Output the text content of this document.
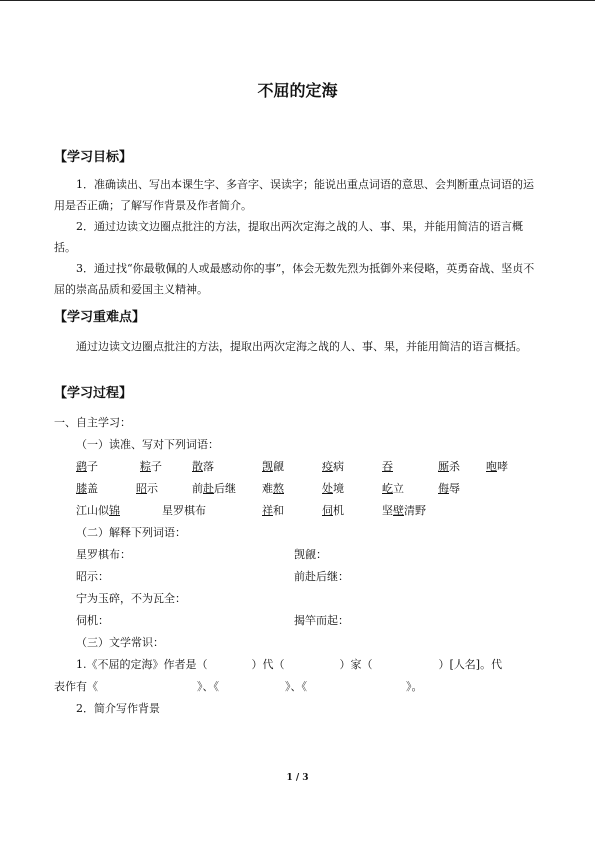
不屈的定海
【学习目标】

1．准确读出、写出本课生字、多音字、误读字；能说出重点词语的意思、会判断重点词语的运用是否正确；了解写作背景及作者简介。

2．通过边读文边圈点批注的方法，提取出两次定海之战的人、事、果，并能用简洁的语言概括。

3．通过找“你最敬佩的人或最感动你的事”，体会无数先烈为抵御外来侵略，英勇奋战、坚贞不屈的崇高品质和爱国主义精神。

【学习重难点】

通过边读文边圈点批注的方法，提取出两次定海之战的人、事、果，并能用简洁的语言概括。

【学习过程】
一、自主学习：
（一）读准、写对下列词语：
鹞子	粽子	散落	觊觎	疫病	吞	厮杀 咆哮
膝盖	昭示	前赴后继 难熬	处境	屹立	侮辱
江山似锦	星罗棋布	祥和	伺机	坚壁清野
（二）解释下列词语：
星罗棋布：	觊觎：
昭示：	前赴后继：
宁为玉碎，不为瓦全：
伺机：	揭竿而起：
（三）文学常识：
1.《不屈的定海》作者是（　　　　）代（　　　　　）家（　　　　　　）[人名]。代
表作有《　　　　　　　　　》、《　　　　　　》、《　　　　　　　　　》。
2．简介写作背景
1 / 3
